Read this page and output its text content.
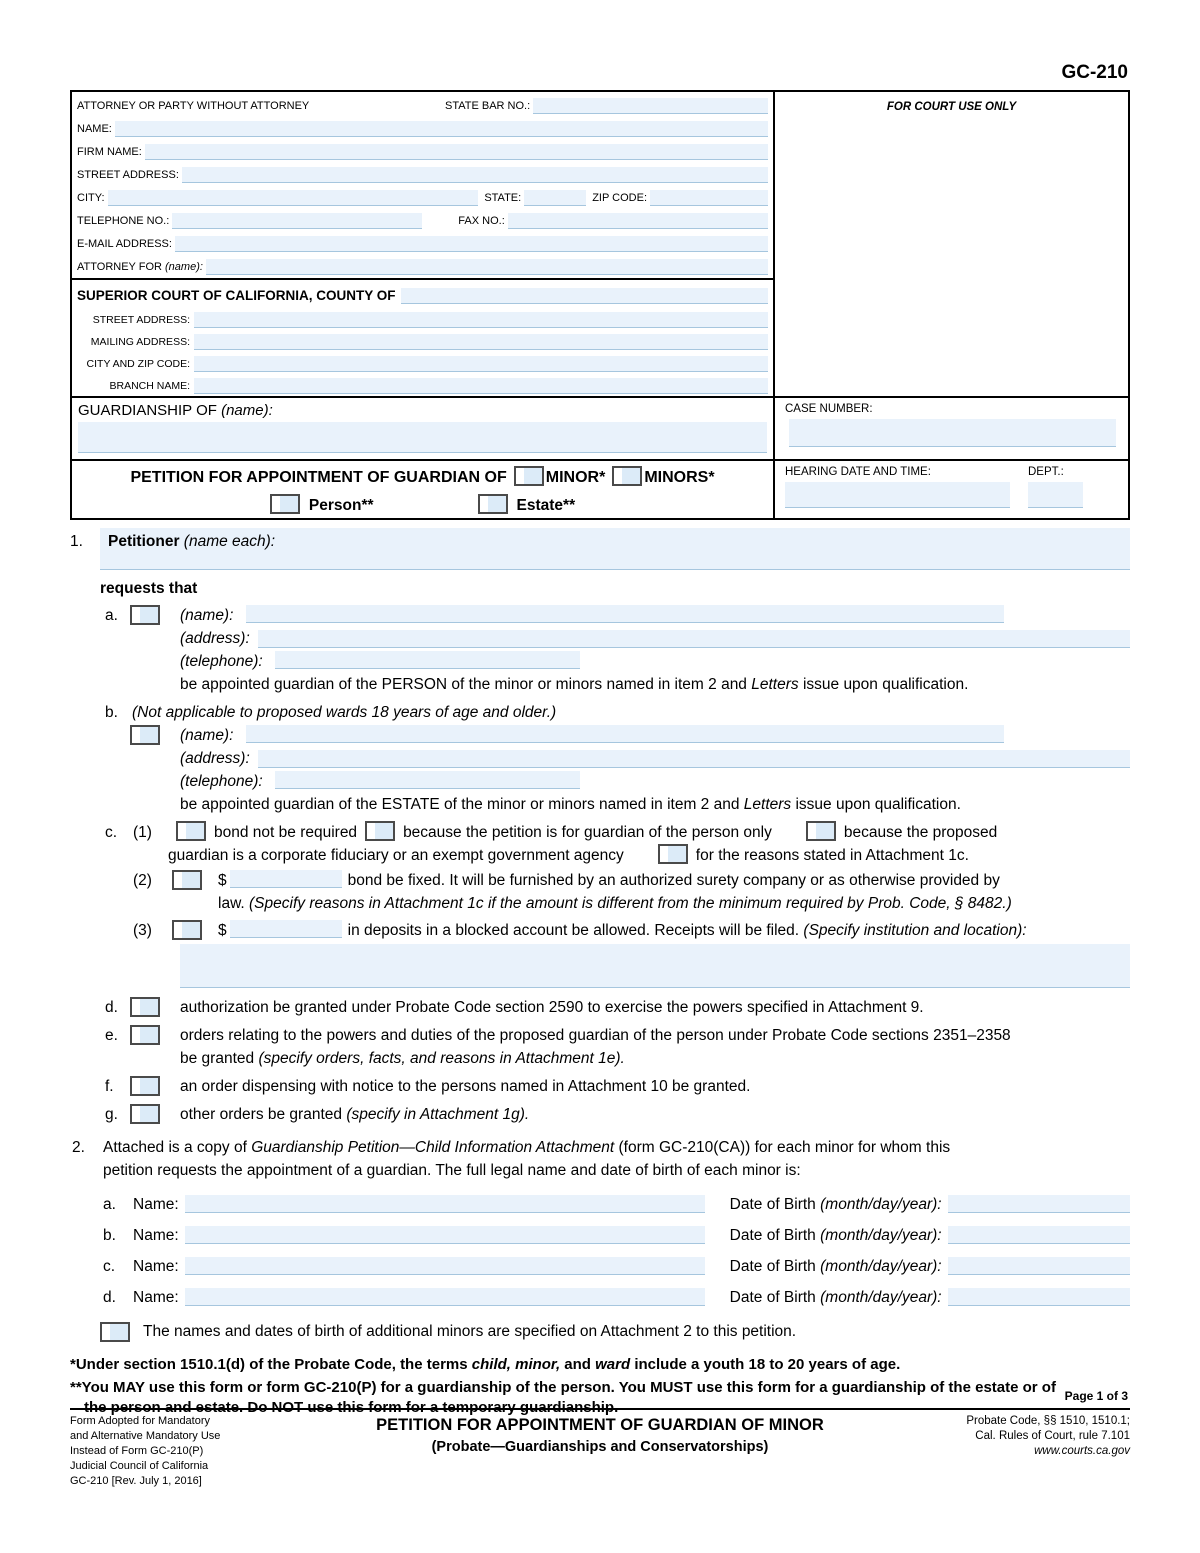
GC-210
ATTORNEY OR PARTY WITHOUT ATTORNEY	STATE BAR NO.:
NAME:
FIRM NAME:
STREET ADDRESS:
CITY:	STATE:	ZIP CODE:
TELEPHONE NO.:	FAX NO.:
E-MAIL ADDRESS:
ATTORNEY FOR (name):
SUPERIOR COURT OF CALIFORNIA, COUNTY OF
STREET ADDRESS:
MAILING ADDRESS:
CITY AND ZIP CODE:
BRANCH NAME:
GUARDIANSHIP OF (name):
PETITION FOR APPOINTMENT OF GUARDIAN OF MINOR* MINORS*
Person**	Estate**
FOR COURT USE ONLY
CASE NUMBER:
HEARING DATE AND TIME:	DEPT.:
1.	Petitioner (name each):
requests that
a.	(name):
(address):
(telephone):
be appointed guardian of the PERSON of the minor or minors named in item 2 and Letters issue upon qualification.
b. (Not applicable to proposed wards 18 years of age and older.)
(name):
(address):
(telephone):
be appointed guardian of the ESTATE of the minor or minors named in item 2 and Letters issue upon qualification.
c. (1)	bond not be required	because the petition is for guardian of the person only	because the proposed
guardian is a corporate fiduciary or an exempt government agency	for the reasons stated in Attachment 1c.
(2)	$	bond be fixed. It will be furnished by an authorized surety company or as otherwise provided by
law. (Specify reasons in Attachment 1c if the amount is different from the minimum required by Prob. Code, § 8482.)
(3)	$	in deposits in a blocked account be allowed. Receipts will be filed. (Specify institution and location):
d.	authorization be granted under Probate Code section 2590 to exercise the powers specified in Attachment 9.
e.	orders relating to the powers and duties of the proposed guardian of the person under Probate Code sections 2351–2358
be granted (specify orders, facts, and reasons in Attachment 1e).
f.	an order dispensing with notice to the persons named in Attachment 10 be granted.
g.	other orders be granted (specify in Attachment 1g).
2. Attached is a copy of Guardianship Petition—Child Information Attachment (form GC-210(CA)) for each minor for whom this
petition requests the appointment of a guardian. The full legal name and date of birth of each minor is:
a. Name:	Date of Birth (month/day/year):
b. Name:	Date of Birth (month/day/year):
c. Name:	Date of Birth (month/day/year):
d. Name:	Date of Birth (month/day/year):
The names and dates of birth of additional minors are specified on Attachment 2 to this petition.
*Under section 1510.1(d) of the Probate Code, the terms child, minor, and ward include a youth 18 to 20 years of age.
**You MAY use this form or form GC-210(P) for a guardianship of the person. You MUST use this form for a guardianship of the estate or of
the person and estate. Do NOT use this form for a temporary guardianship.
Page 1 of 3
Form Adopted for Mandatory
and Alternative Mandatory Use
Instead of Form GC-210(P)
Judicial Council of California
GC-210 [Rev. July 1, 2016]
PETITION FOR APPOINTMENT OF GUARDIAN OF MINOR
(Probate—Guardianships and Conservatorships)
Probate Code, §§ 1510, 1510.1;
Cal. Rules of Court, rule 7.101
www.courts.ca.gov
